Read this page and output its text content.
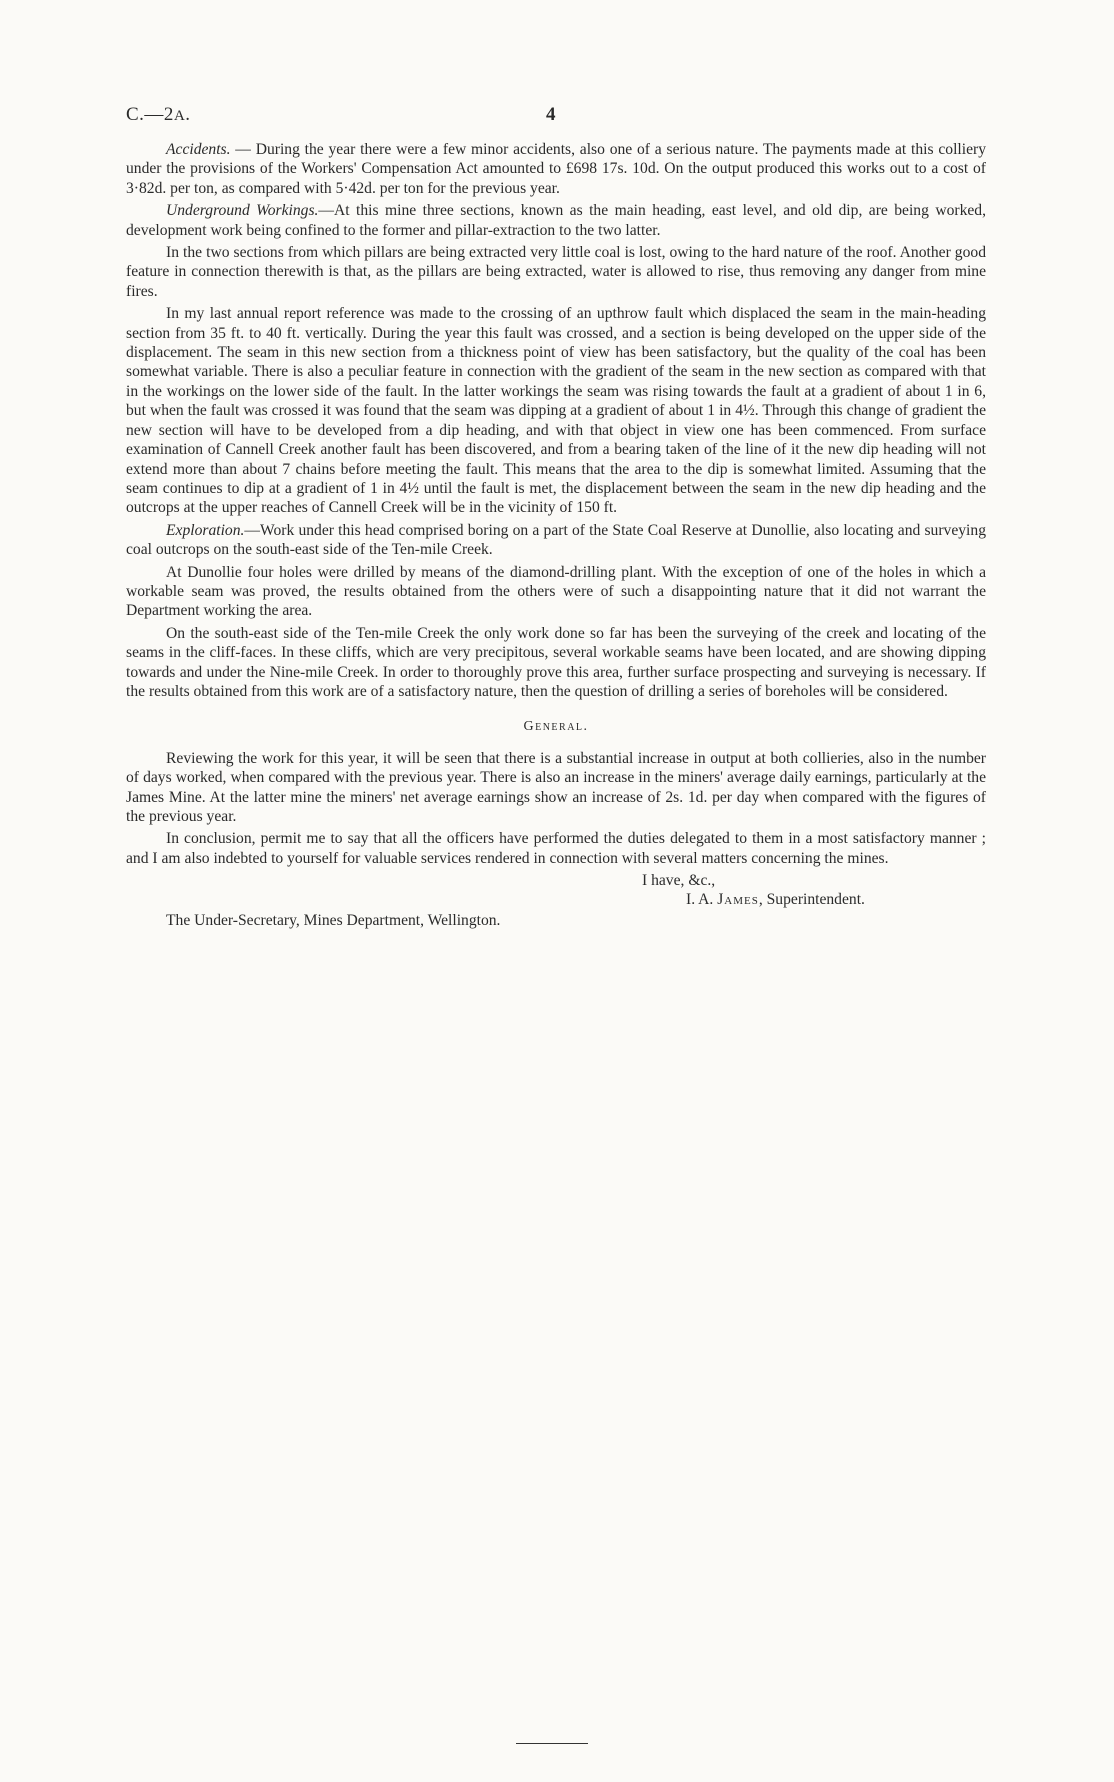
C.—2A.	4

Accidents. — During the year there were a few minor accidents, also one of a serious nature. The payments made at this colliery under the provisions of the Workers' Compensation Act amounted to £698 17s. 10d. On the output produced this works out to a cost of 3·82d. per ton, as compared with 5·42d. per ton for the previous year.

Underground Workings.—At this mine three sections, known as the main heading, east level, and old dip, are being worked, development work being confined to the former and pillar-extraction to the two latter.

In the two sections from which pillars are being extracted very little coal is lost, owing to the hard nature of the roof. Another good feature in connection therewith is that, as the pillars are being extracted, water is allowed to rise, thus removing any danger from mine fires.

In my last annual report reference was made to the crossing of an upthrow fault which displaced the seam in the main-heading section from 35 ft. to 40 ft. vertically. During the year this fault was crossed, and a section is being developed on the upper side of the displacement. The seam in this new section from a thickness point of view has been satisfactory, but the quality of the coal has been somewhat variable. There is also a peculiar feature in connection with the gradient of the seam in the new section as compared with that in the workings on the lower side of the fault. In the latter workings the seam was rising towards the fault at a gradient of about 1 in 6, but when the fault was crossed it was found that the seam was dipping at a gradient of about 1 in 4½. Through this change of gradient the new section will have to be developed from a dip heading, and with that object in view one has been commenced. From surface examination of Cannell Creek another fault has been discovered, and from a bearing taken of the line of it the new dip heading will not extend more than about 7 chains before meeting the fault. This means that the area to the dip is somewhat limited. Assuming that the seam continues to dip at a gradient of 1 in 4½ until the fault is met, the displacement between the seam in the new dip heading and the outcrops at the upper reaches of Cannell Creek will be in the vicinity of 150 ft.

Exploration.—Work under this head comprised boring on a part of the State Coal Reserve at Dunollie, also locating and surveying coal outcrops on the south-east side of the Ten-mile Creek.

At Dunollie four holes were drilled by means of the diamond-drilling plant. With the exception of one of the holes in which a workable seam was proved, the results obtained from the others were of such a disappointing nature that it did not warrant the Department working the area.

On the south-east side of the Ten-mile Creek the only work done so far has been the surveying of the creek and locating of the seams in the cliff-faces. In these cliffs, which are very precipitous, several workable seams have been located, and are showing dipping towards and under the Nine-mile Creek. In order to thoroughly prove this area, further surface prospecting and surveying is necessary. If the results obtained from this work are of a satisfactory nature, then the question of drilling a series of boreholes will be considered.

General.

Reviewing the work for this year, it will be seen that there is a substantial increase in output at both collieries, also in the number of days worked, when compared with the previous year. There is also an increase in the miners' average daily earnings, particularly at the James Mine. At the latter mine the miners' net average earnings show an increase of 2s. 1d. per day when compared with the figures of the previous year.

In conclusion, permit me to say that all the officers have performed the duties delegated to them in a most satisfactory manner ; and I am also indebted to yourself for valuable services rendered in connection with several matters concerning the mines.

I have, &c.,
I. A. James, Superintendent.
The Under-Secretary, Mines Department, Wellington.
